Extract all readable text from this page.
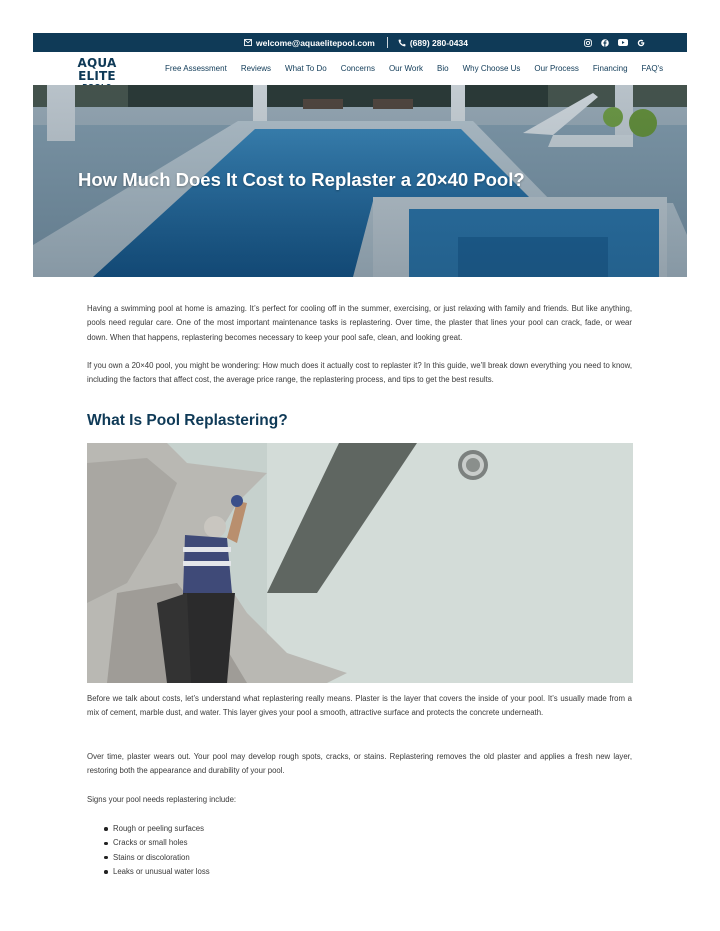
welcome@aquaelitepool.com	(689) 280-0434
AQUA ELITE
Free Assessment Reviews What To Do Concerns Our Work Bio Why Choose Us Our Process Financing FAQ's
How Much Does It Cost to Replaster a 20×40 Pool?

Having a swimming pool at home is amazing. It’s perfect for cooling off in the summer, exercising, or just relaxing with family and friends. But like anything, pools need regular care. One of the most important maintenance tasks is replastering. Over time, the plaster that lines your pool can crack, fade, or wear down. When that happens, replastering becomes necessary to keep your pool safe, clean, and looking great.

If you own a 20×40 pool, you might be wondering: How much does it actually cost to replaster it? In this guide, we’ll break down everything you need to know, including the factors that affect cost, the average price range, the replastering process, and tips to get the best results.

What Is Pool Replastering?

Before we talk about costs, let’s understand what replastering really means. Plaster is the layer that covers the inside of your pool. It’s usually made from a mix of cement, marble dust, and water. This layer gives your pool a smooth, attractive surface and protects the concrete underneath.

Over time, plaster wears out. Your pool may develop rough spots, cracks, or stains. Replastering removes the old plaster and applies a fresh new layer, restoring both the appearance and durability of your pool.

Signs your pool needs replastering include:

Rough or peeling surfaces
Cracks or small holes
Stains or discoloration
Leaks or unusual water loss
